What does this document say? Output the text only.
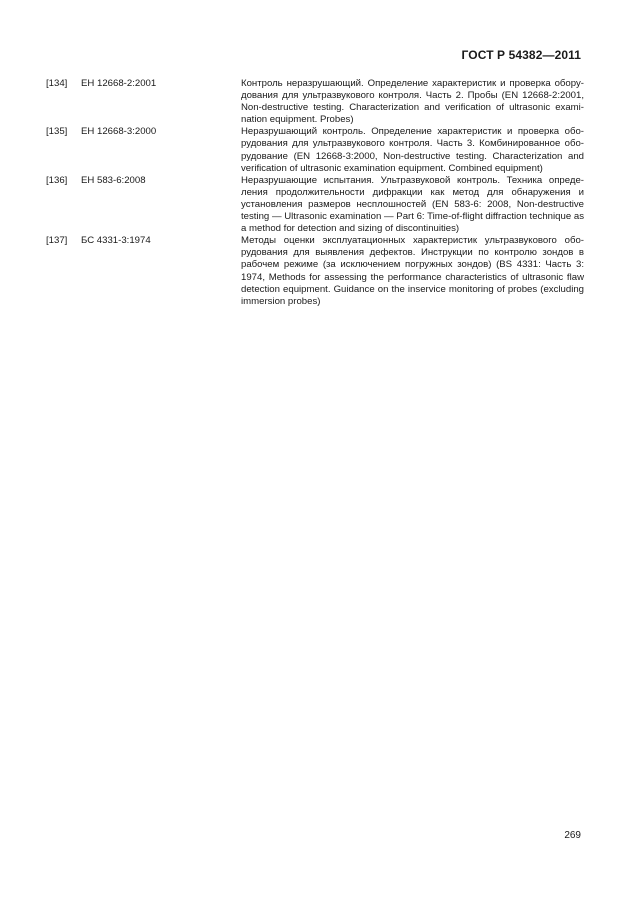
ГОСТ Р 54382—2011
[134] ЕН 12668-2:2001	Контроль неразрушающий. Определение характеристик и проверка оборудования для ультразвукового контроля. Часть 2. Пробы (EN 12668-2:2001, Non-destructive testing. Characterization and verification of ultrasonic examination equipment. Probes)
[135] ЕН 12668-3:2000	Неразрушающий контроль. Определение характеристик и проверка оборудования для ультразвукового контроля. Часть 3. Комбинированное оборудование (EN 12668-3:2000, Non-destructive testing. Characterization and verification of ultrasonic examination equipment. Combined equipment)
[136] ЕН 583-6:2008	Неразрушающие испытания. Ультразвуковой контроль. Техника определения продолжительности дифракции как метод для обнаружения и установления размеров несплошностей (EN 583-6: 2008, Non-destructive testing — Ultrasonic examination — Part 6: Time-of-flight diffraction technique as a method for detection and sizing of discontinuities)
[137] БС 4331-3:1974	Методы оценки эксплуатационных характеристик ультразвукового оборудования для выявления дефектов. Инструкции по контролю зондов в рабочем режиме (за исключением погружных зондов) (BS 4331: Часть 3: 1974, Methods for assessing the performance characteristics of ultrasonic flaw detection equipment. Guidance on the inservice monitoring of probes (excluding immersion probes)
269
